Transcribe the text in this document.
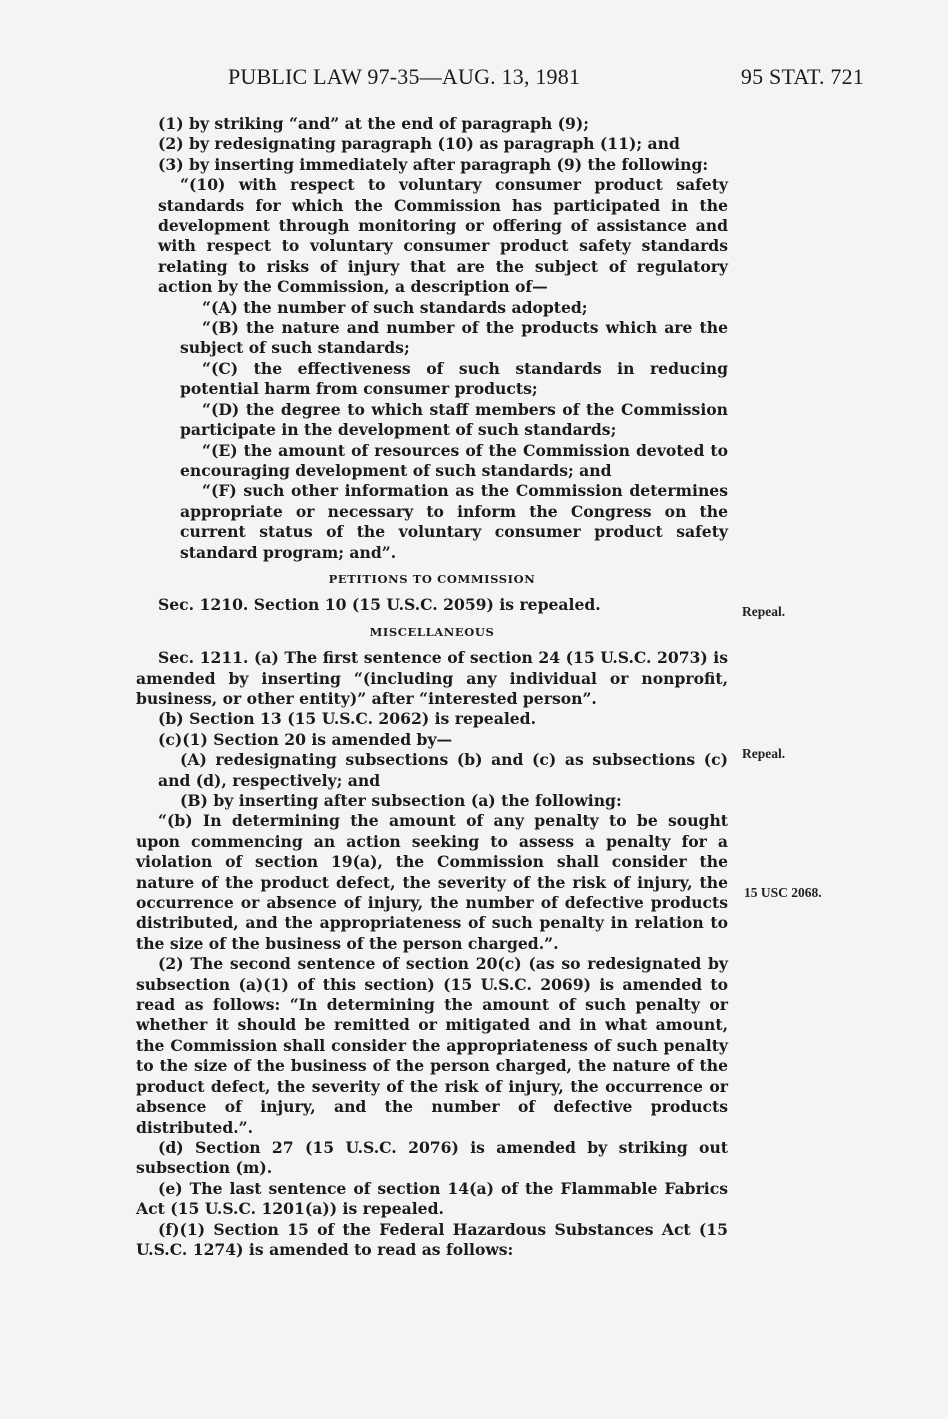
PUBLIC LAW 97-35—AUG. 13, 1981	95 STAT. 721

(1) by striking “and” at the end of paragraph (9);

(2) by redesignating paragraph (10) as paragraph (11); and

(3) by inserting immediately after paragraph (9) the following:

“(10) with respect to voluntary consumer product safety standards for which the Commission has participated in the development through monitoring or offering of assistance and with respect to voluntary consumer product safety standards relating to risks of injury that are the subject of regulatory action by the Commission, a description of—

“(A) the number of such standards adopted;

“(B) the nature and number of the products which are the subject of such standards;

“(C) the effectiveness of such standards in reducing potential harm from consumer products;

“(D) the degree to which staff members of the Commission participate in the development of such standards;

“(E) the amount of resources of the Commission devoted to encouraging development of such standards; and

“(F) such other information as the Commission determines appropriate or necessary to inform the Congress on the current status of the voluntary consumer product safety standard program; and”.

PETITIONS TO COMMISSION

Sec. 1210. Section 10 (15 U.S.C. 2059) is repealed.

MISCELLANEOUS

Sec. 1211. (a) The first sentence of section 24 (15 U.S.C. 2073) is amended by inserting “(including any individual or nonprofit, business, or other entity)” after “interested person”.

(b) Section 13 (15 U.S.C. 2062) is repealed.

(c)(1) Section 20 is amended by—

(A) redesignating subsections (b) and (c) as subsections (c) and (d), respectively; and

(B) by inserting after subsection (a) the following:

“(b) In determining the amount of any penalty to be sought upon commencing an action seeking to assess a penalty for a violation of section 19(a), the Commission shall consider the nature of the product defect, the severity of the risk of injury, the occurrence or absence of injury, the number of defective products distributed, and the appropriateness of such penalty in relation to the size of the business of the person charged.”.

(2) The second sentence of section 20(c) (as so redesignated by subsection (a)(1) of this section) (15 U.S.C. 2069) is amended to read as follows: “In determining the amount of such penalty or whether it should be remitted or mitigated and in what amount, the Commission shall consider the appropriateness of such penalty to the size of the business of the person charged, the nature of the product defect, the severity of the risk of injury, the occurrence or absence of injury, and the number of defective products distributed.”.

(d) Section 27 (15 U.S.C. 2076) is amended by striking out subsection (m).

(e) The last sentence of section 14(a) of the Flammable Fabrics Act (15 U.S.C. 1201(a)) is repealed.

(f)(1) Section 15 of the Federal Hazardous Substances Act (15 U.S.C. 1274) is amended to read as follows:

Repeal.
Repeal.
15 USC 2068.
